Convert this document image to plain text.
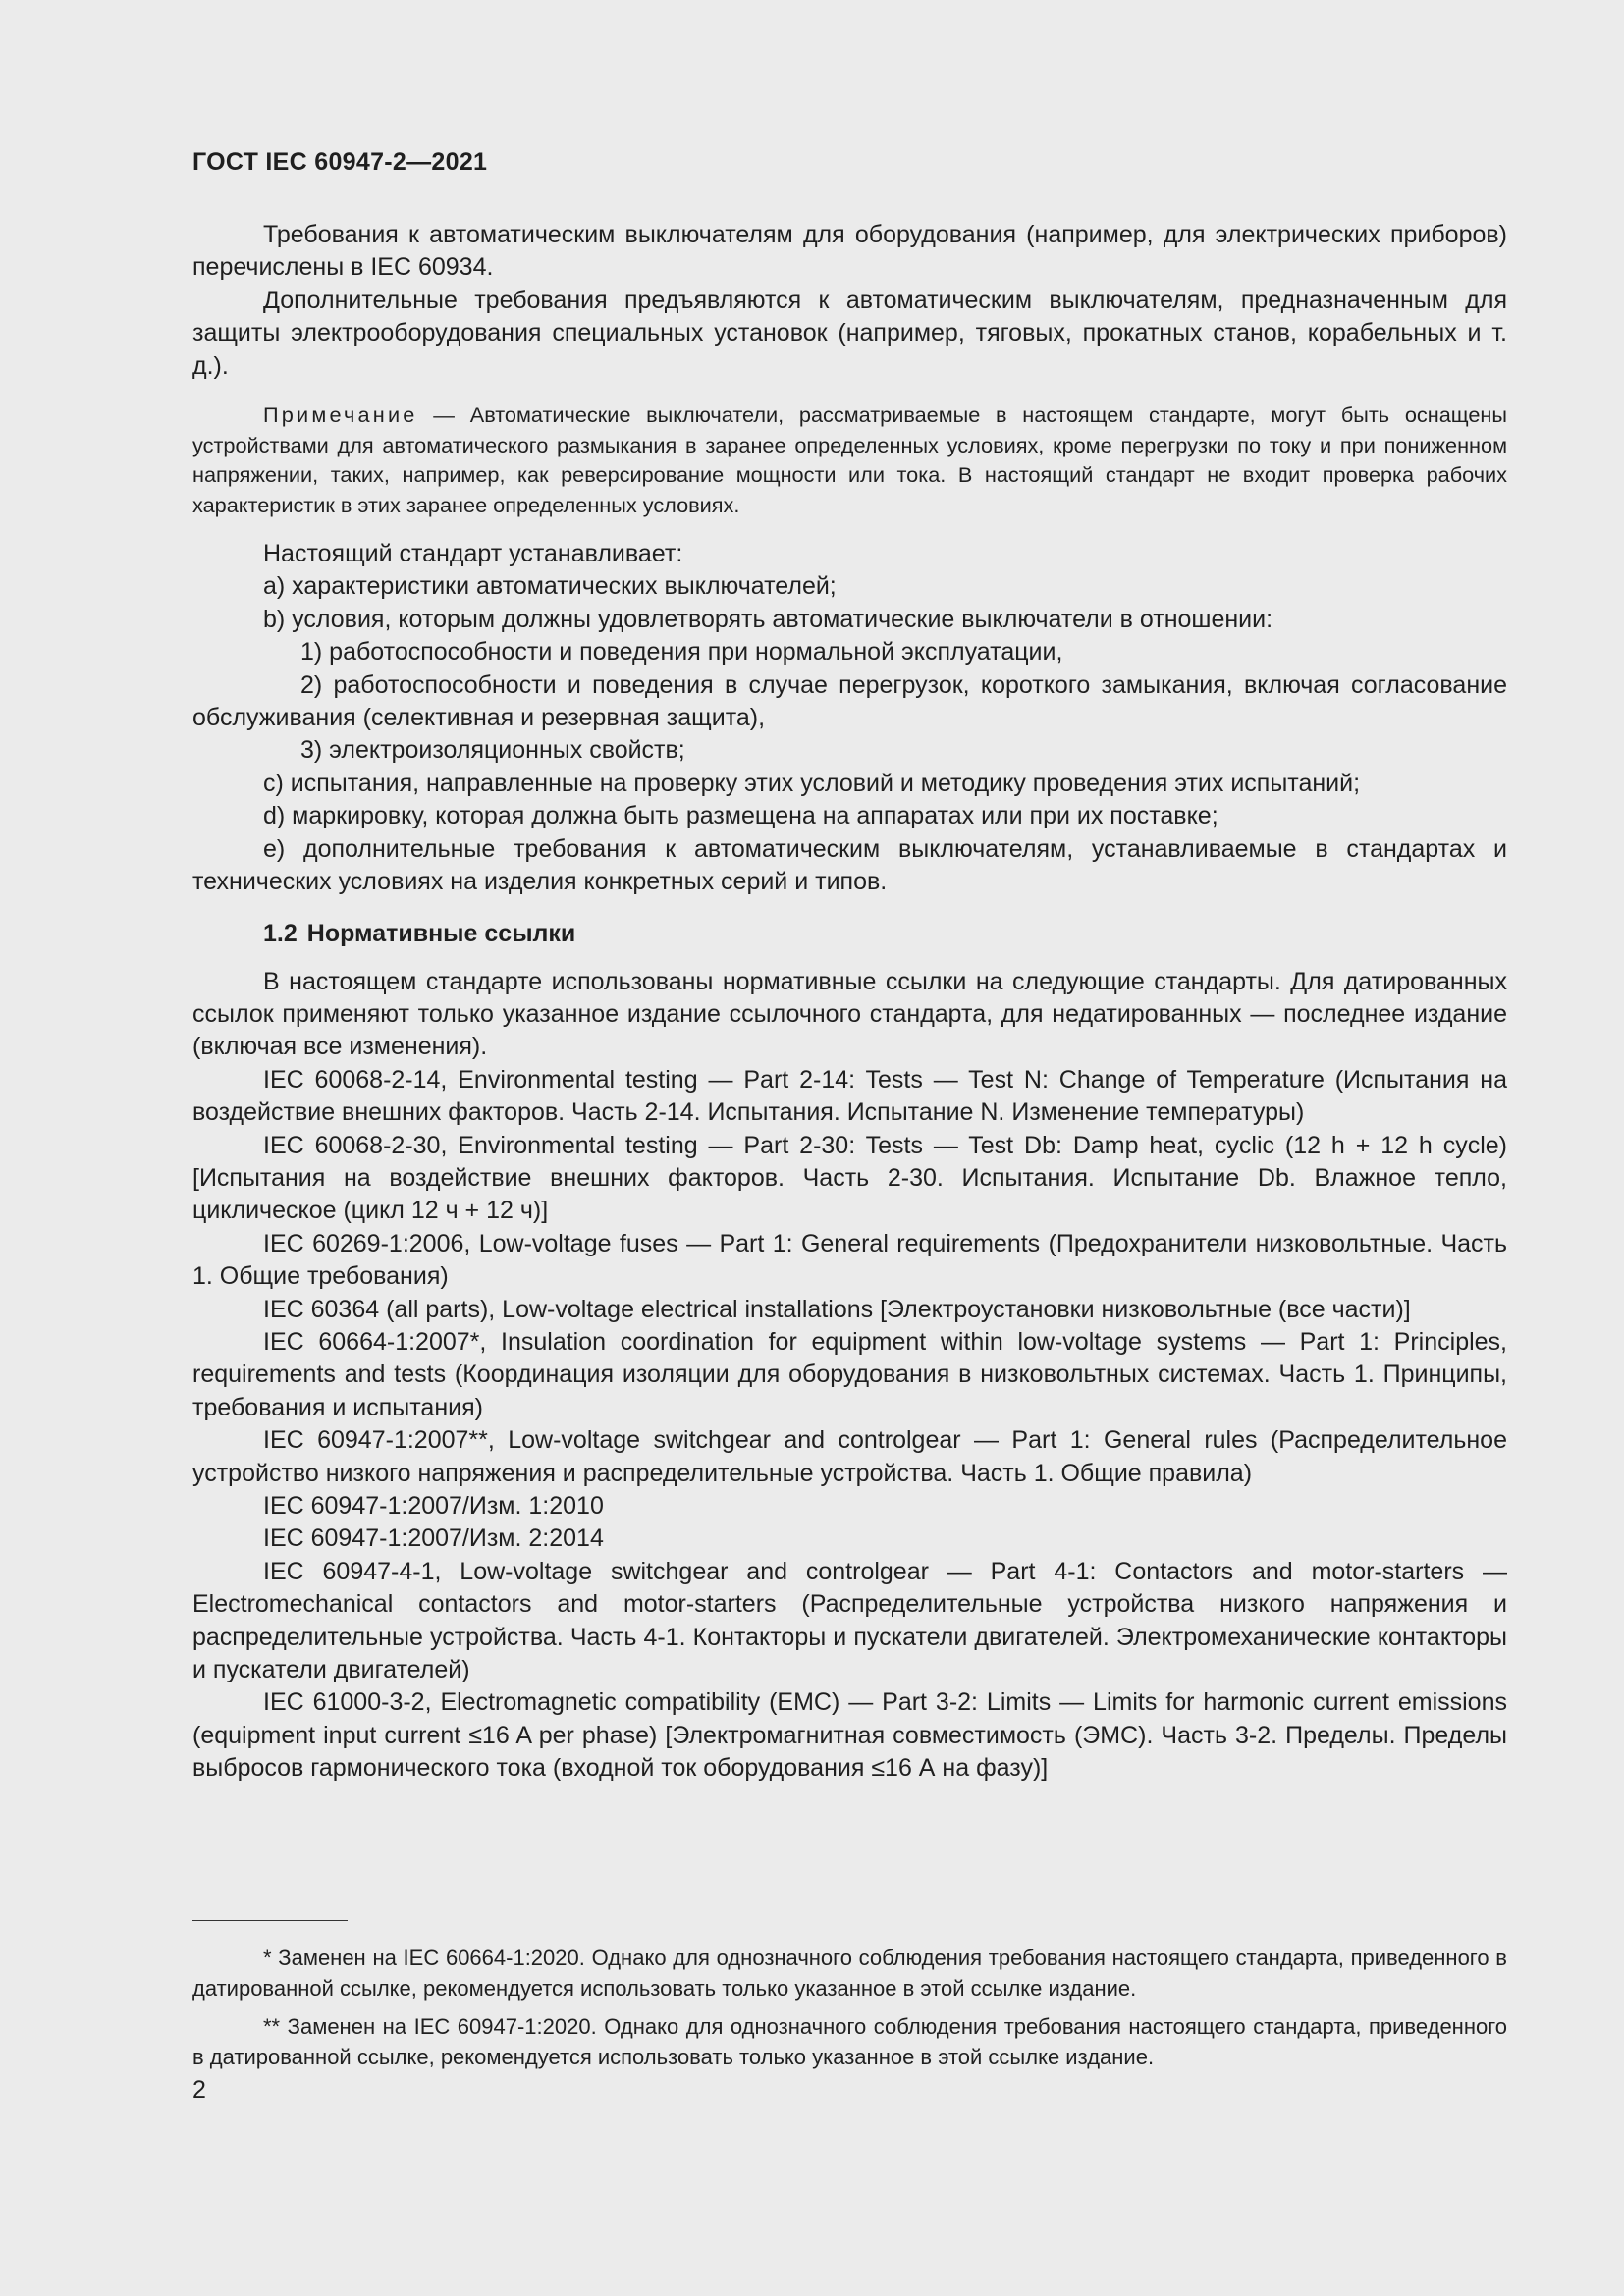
ГОСТ IEC 60947-2—2021

Требования к автоматическим выключателям для оборудования (например, для электрических приборов) перечислены в IEC 60934.

Дополнительные требования предъявляются к автоматическим выключателям, предназначенным для защиты электрооборудования специальных установок (например, тяговых, прокатных станов, корабельных и т. д.).

Примечание — Автоматические выключатели, рассматриваемые в настоящем стандарте, могут быть оснащены устройствами для автоматического размыкания в заранее определенных условиях, кроме перегрузки по току и при пониженном напряжении, таких, например, как реверсирование мощности или тока. В настоящий стандарт не входит проверка рабочих характеристик в этих заранее определенных условиях.

Настоящий стандарт устанавливает:

а) характеристики автоматических выключателей;

b) условия, которым должны удовлетворять автоматические выключатели в отношении:

1) работоспособности и поведения при нормальной эксплуатации,

2) работоспособности и поведения в случае перегрузок, короткого замыкания, включая согласование обслуживания (селективная и резервная защита),

3) электроизоляционных свойств;

с) испытания, направленные на проверку этих условий и методику проведения этих испытаний;

d) маркировку, которая должна быть размещена на аппаратах или при их поставке;

е) дополнительные требования к автоматическим выключателям, устанавливаемые в стандартах и технических условиях на изделия конкретных серий и типов.

1.2 Нормативные ссылки

В настоящем стандарте использованы нормативные ссылки на следующие стандарты. Для датированных ссылок применяют только указанное издание ссылочного стандарта, для недатированных — последнее издание (включая все изменения).

IEC 60068-2-14, Environmental testing — Part 2-14: Tests — Test N: Change of Temperature (Испытания на воздействие внешних факторов. Часть 2-14. Испытания. Испытание N. Изменение температуры)

IEC 60068-2-30, Environmental testing — Part 2-30: Tests — Test Db: Damp heat, cyclic (12 h + 12 h cycle) [Испытания на воздействие внешних факторов. Часть 2-30. Испытания. Испытание Db. Влажное тепло, циклическое (цикл 12 ч + 12 ч)]

IEC 60269-1:2006, Low-voltage fuses — Part 1: General requirements (Предохранители низковольтные. Часть 1. Общие требования)

IEC 60364 (all parts), Low-voltage electrical installations [Электроустановки низковольтные (все части)]

IEC 60664-1:2007*, Insulation coordination for equipment within low-voltage systems — Part 1: Principles, requirements and tests (Координация изоляции для оборудования в низковольтных системах. Часть 1. Принципы, требования и испытания)

IEC 60947-1:2007**, Low-voltage switchgear and controlgear — Part 1: General rules (Распределительное устройство низкого напряжения и распределительные устройства. Часть 1. Общие правила)

IEC 60947-1:2007/Изм. 1:2010

IEC 60947-1:2007/Изм. 2:2014

IEC 60947-4-1, Low-voltage switchgear and controlgear — Part 4-1: Contactors and motor-starters — Electromechanical contactors and motor-starters (Распределительные устройства низкого напряжения и распределительные устройства. Часть 4-1. Контакторы и пускатели двигателей. Электромеханические контакторы и пускатели двигателей)

IEC 61000-3-2, Electromagnetic compatibility (EMC) — Part 3-2: Limits — Limits for harmonic current emissions (equipment input current ≤16 A per phase) [Электромагнитная совместимость (ЭМС). Часть 3-2. Пределы. Пределы выбросов гармонического тока (входной ток оборудования ≤16 А на фазу)]

* Заменен на IEC 60664-1:2020. Однако для однозначного соблюдения требования настоящего стандарта, приведенного в датированной ссылке, рекомендуется использовать только указанное в этой ссылке издание.

** Заменен на IEC 60947-1:2020. Однако для однозначного соблюдения требования настоящего стандарта, приведенного в датированной ссылке, рекомендуется использовать только указанное в этой ссылке издание.

2
